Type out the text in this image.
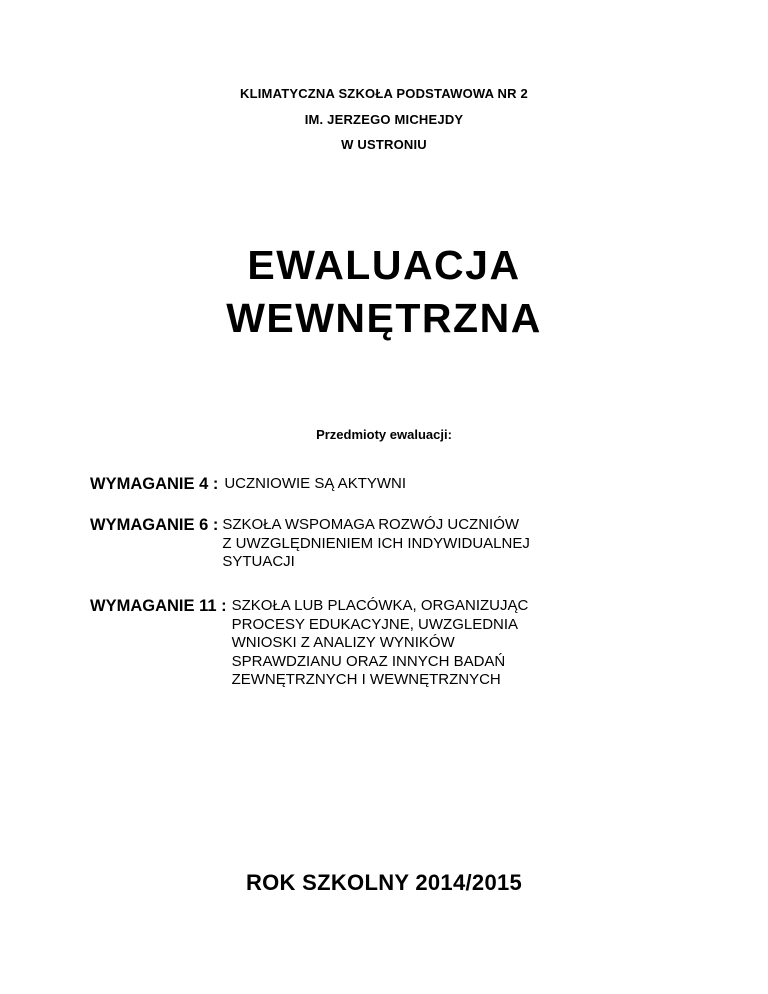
KLIMATYCZNA SZKOŁA PODSTAWOWA NR 2
IM. JERZEGO MICHEJDY
W USTRONIU
EWALUACJA
WEWNĘTRZNA
Przedmioty ewaluacji:
WYMAGANIE 4 : UCZNIOWIE SĄ AKTYWNI
WYMAGANIE 6 : SZKOŁA WSPOMAGA ROZWÓJ UCZNIÓW
Z UWZGLĘDNIENIEM ICH INDYWIDUALNEJ
SYTUACJI
WYMAGANIE 11 : SZKOŁA LUB PLACÓWKA, ORGANIZUJĄC
PROCESY EDUKACYJNE, UWZGLEDNIA
WNIOSKI Z ANALIZY WYNIKÓW
SPRAWDZIANU ORAZ INNYCH BADAŃ
ZEWNĘTRZNYCH I WEWNĘTRZNYCH
ROK SZKOLNY 2014/2015
